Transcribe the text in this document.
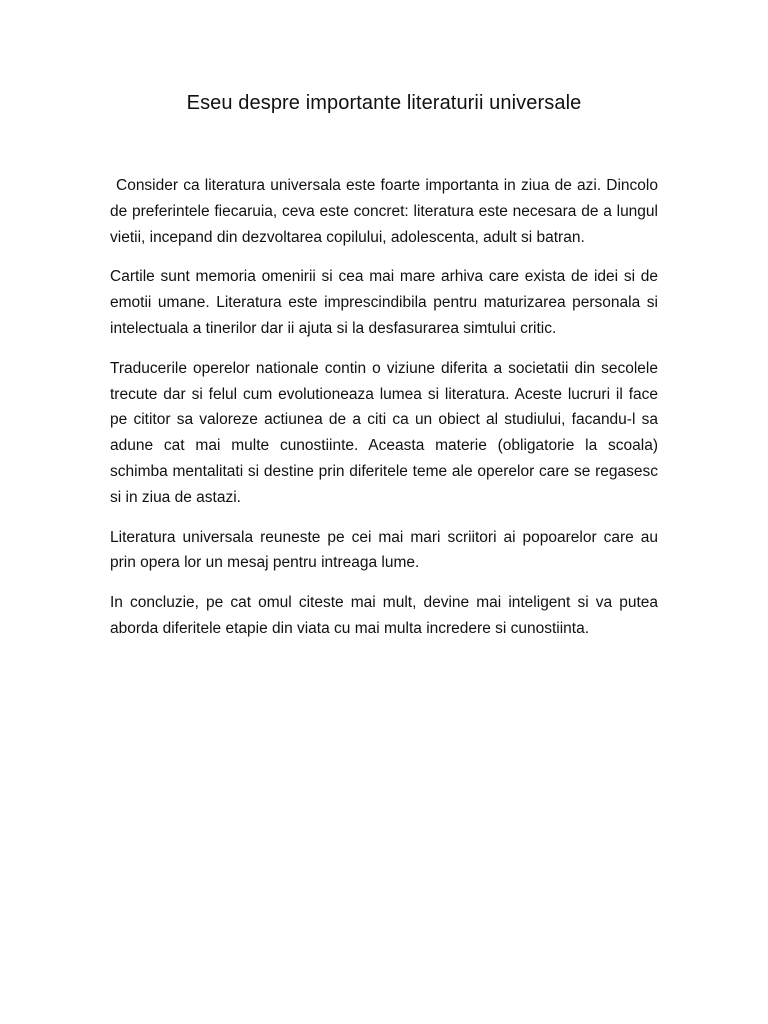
Eseu despre importante literaturii universale

Consider ca literatura universala este foarte importanta in ziua de azi. Dincolo de preferintele fiecaruia, ceva este concret: literatura este necesara de a lungul vietii, incepand din dezvoltarea copilului, adolescenta, adult si batran.

Cartile sunt memoria omenirii si cea mai mare arhiva care exista de idei si de emotii umane. Literatura este imprescindibila pentru maturizarea personala si intelectuala a tinerilor dar ii ajuta si la desfasurarea simtului critic.

Traducerile operelor nationale contin o viziune diferita a societatii din secolele trecute dar si felul cum evolutioneaza lumea si literatura. Aceste lucruri il face pe cititor sa valoreze actiunea de a citi ca un obiect al studiului, facandu-l sa adune cat mai multe cunostiinte. Aceasta materie (obligatorie la scoala) schimba mentalitati si destine prin diferitele teme ale operelor care se regasesc si in ziua de astazi.

Literatura universala reuneste pe cei mai mari scriitori ai popoarelor care au prin opera lor un mesaj pentru intreaga lume.

In concluzie, pe cat omul citeste mai mult, devine mai inteligent si va putea aborda diferitele etapie din viata cu mai multa incredere si cunostiinta.
